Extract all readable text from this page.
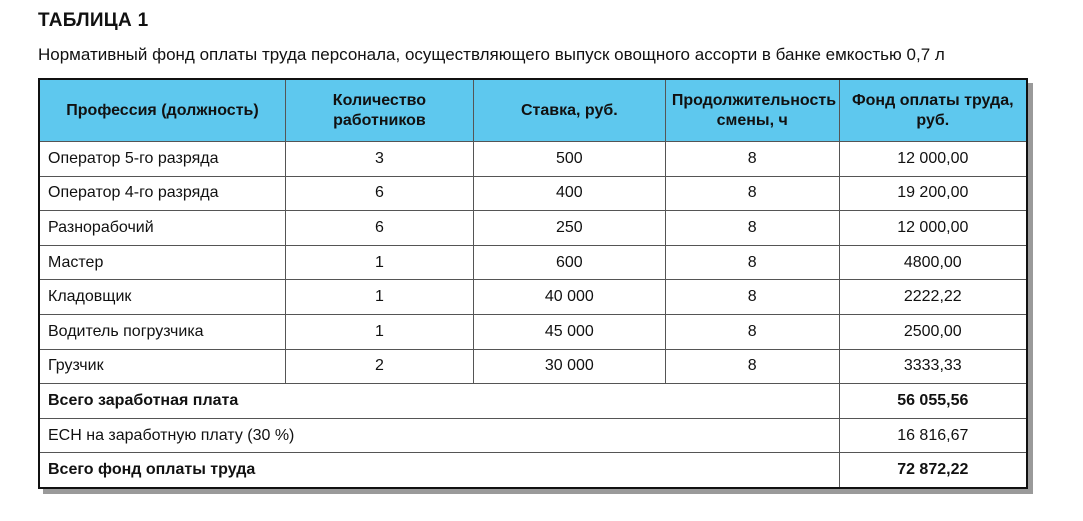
ТАБЛИЦА 1
Нормативный фонд оплаты труда персонала, осуществляющего выпуск овощного ассорти в банке емкостью 0,7 л
Профессия (должность)	Количество работников	Ставка, руб.	Продолжительность смены, ч	Фонд оплаты труда, руб.
Оператор 5-го разряда	3	500	8	12 000,00
Оператор 4-го разряда	6	400	8	19 200,00
Разнорабочий	6	250	8	12 000,00
Мастер	1	600	8	4800,00
Кладовщик	1	40 000	8	2222,22
Водитель погрузчика	1	45 000	8	2500,00
Грузчик	2	30 000	8	3333,33
Всего заработная плата				56 055,56
ЕСН на заработную плату (30 %)				16 816,67
Всего фонд оплаты труда				72 872,22
